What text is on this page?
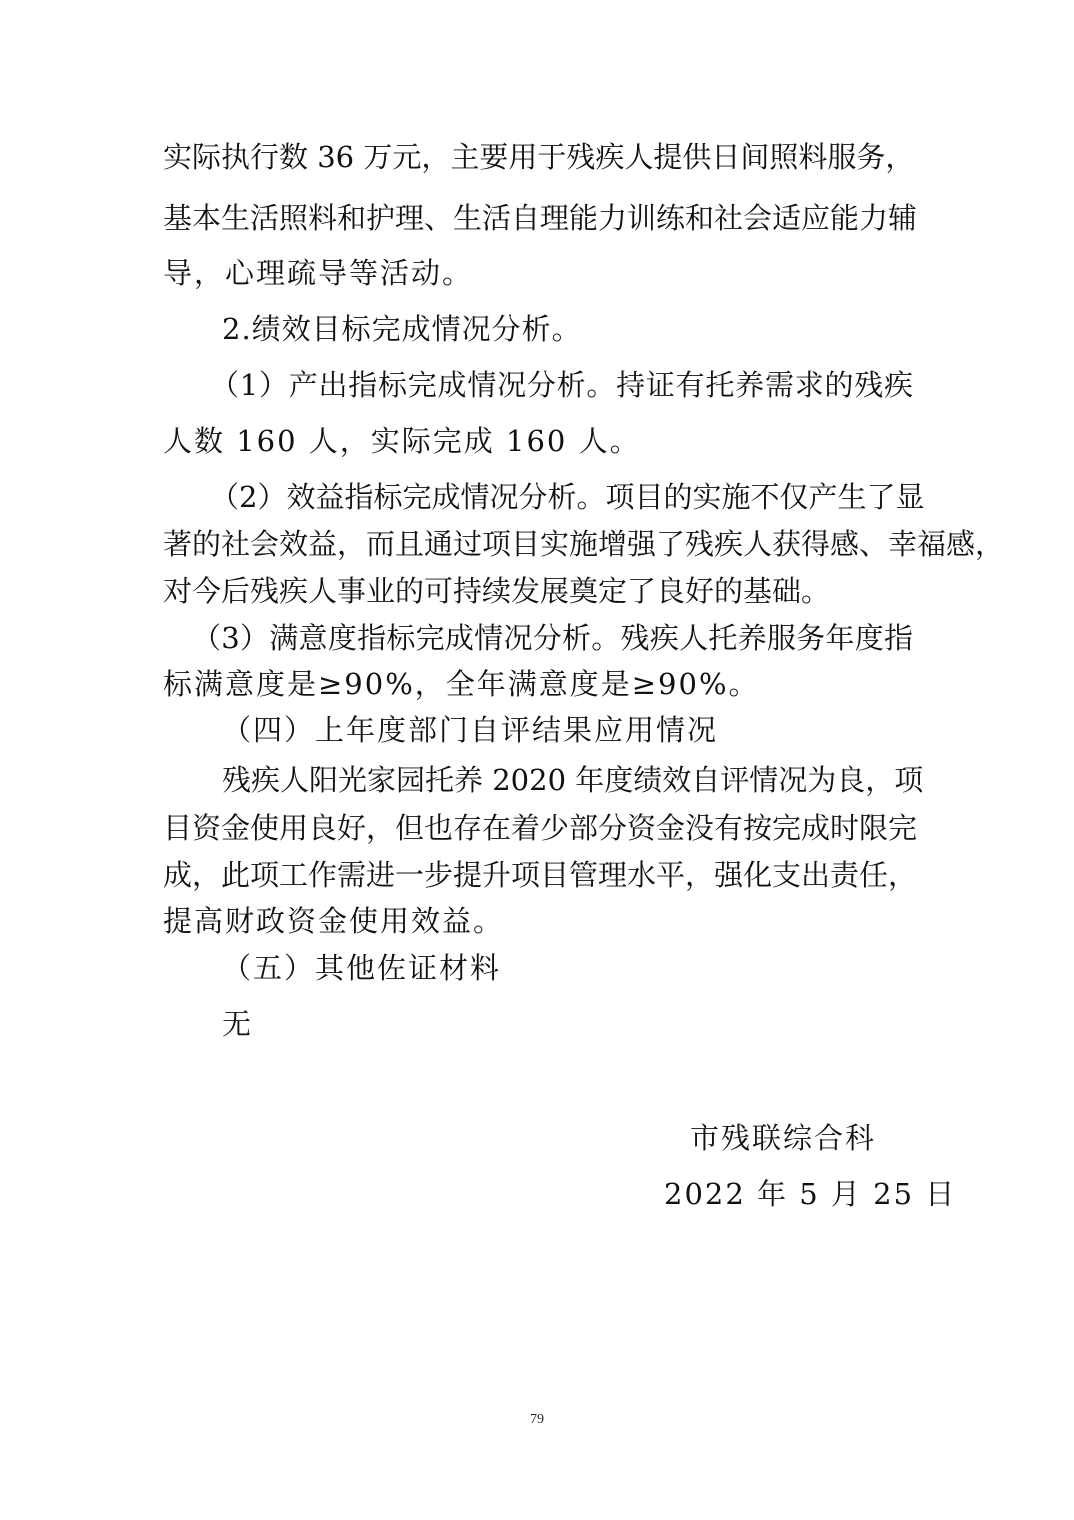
实际执行数 36 万元，主要用于残疾人提供日间照料服务，
基本生活照料和护理、生活自理能力训练和社会适应能力辅
导，心理疏导等活动。
2.绩效目标完成情况分析。
（1）产出指标完成情况分析。持证有托养需求的残疾
人数 160 人，实际完成 160 人。
（2）效益指标完成情况分析。项目的实施不仅产生了显
著的社会效益，而且通过项目实施增强了残疾人获得感、幸福感，
对今后残疾人事业的可持续发展奠定了良好的基础。
（3）满意度指标完成情况分析。残疾人托养服务年度指
标满意度是≥90%，全年满意度是≥90%。
（四）上年度部门自评结果应用情况
残疾人阳光家园托养 2020 年度绩效自评情况为良，项
目资金使用良好，但也存在着少部分资金没有按完成时限完
成，此项工作需进一步提升项目管理水平，强化支出责任，
提高财政资金使用效益。
（五）其他佐证材料
无
市残联综合科
2022 年 5 月 25 日
79
